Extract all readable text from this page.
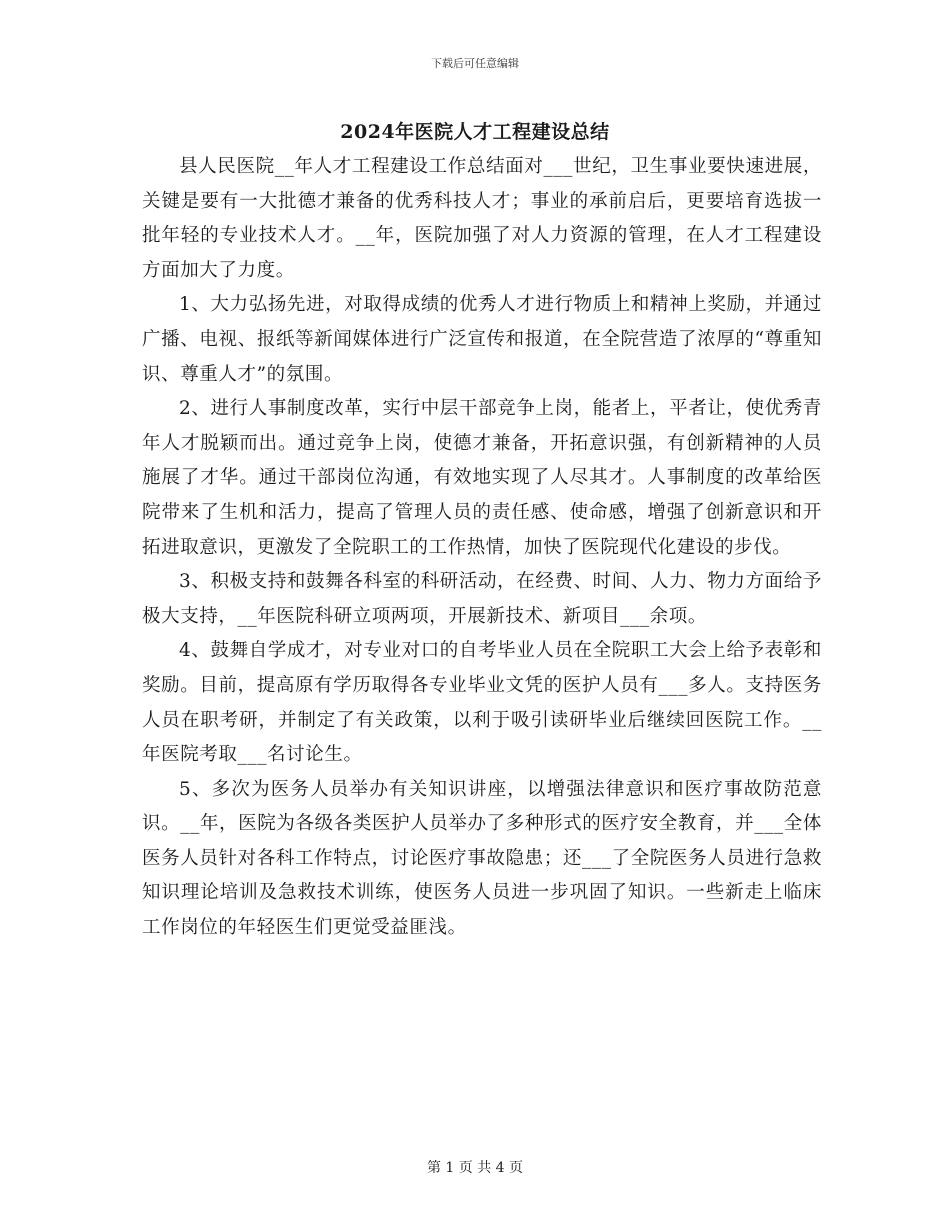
下载后可任意编辑
2024年医院人才工程建设总结

县人民医院__年人才工程建设工作总结面对___世纪，卫生事业要快速进展，关键是要有一大批德才兼备的优秀科技人才；事业的承前启后，更要培育选拔一批年轻的专业技术人才。__年，医院加强了对人力资源的管理，在人才工程建设方面加大了力度。

1、大力弘扬先进，对取得成绩的优秀人才进行物质上和精神上奖励，并通过广播、电视、报纸等新闻媒体进行广泛宣传和报道，在全院营造了浓厚的“尊重知识、尊重人才”的氛围。

2、进行人事制度改革，实行中层干部竞争上岗，能者上，平者让，使优秀青年人才脱颖而出。通过竞争上岗，使德才兼备，开拓意识强，有创新精神的人员施展了才华。通过干部岗位沟通，有效地实现了人尽其才。人事制度的改革给医院带来了生机和活力，提高了管理人员的责任感、使命感，增强了创新意识和开拓进取意识，更激发了全院职工的工作热情，加快了医院现代化建设的步伐。

3、积极支持和鼓舞各科室的科研活动，在经费、时间、人力、物力方面给予极大支持，__年医院科研立项两项，开展新技术、新项目___余项。

4、鼓舞自学成才，对专业对口的自考毕业人员在全院职工大会上给予表彰和奖励。目前，提高原有学历取得各专业毕业文凭的医护人员有___多人。支持医务人员在职考研，并制定了有关政策，以利于吸引读研毕业后继续回医院工作。__年医院考取___名讨论生。

5、多次为医务人员举办有关知识讲座，以增强法律意识和医疗事故防范意识。__年，医院为各级各类医护人员举办了多种形式的医疗安全教育，并___全体医务人员针对各科工作特点，讨论医疗事故隐患；还___了全院医务人员进行急救知识理论培训及急救技术训练，使医务人员进一步巩固了知识。一些新走上临床工作岗位的年轻医生们更觉受益匪浅。

第 1 页 共 4 页
